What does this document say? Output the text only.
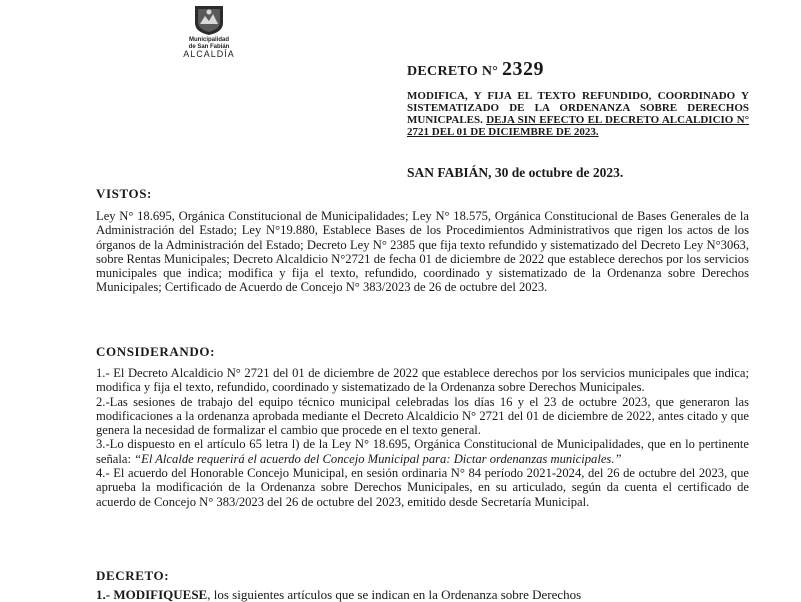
Municipalidad
de San Fabián
ALCALDÍA
DECRETO N° 2329
MODIFICA, Y FIJA EL TEXTO REFUNDIDO, COORDINADO Y SISTEMATIZADO DE LA ORDENANZA SOBRE DERECHOS MUNICPALES. DEJA SIN EFECTO EL DECRETO ALCALDICIO N° 2721 DEL 01 DE DICIEMBRE DE 2023.
SAN FABIÁN, 30 de octubre de 2023.
VISTOS:

Ley N° 18.695, Orgánica Constitucional de Municipalidades; Ley N° 18.575, Orgánica Constitucional de Bases Generales de la Administración del Estado; Ley N°19.880, Establece Bases de los Procedimientos Administrativos que rigen los actos de los órganos de la Administración del Estado; Decreto Ley N° 2385 que fija texto refundido y sistematizado del Decreto Ley N°3063, sobre Rentas Municipales; Decreto Alcaldicio N°2721 de fecha 01 de diciembre de 2022 que establece derechos por los servicios municipales que indica; modifica y fija el texto, refundido, coordinado y sistematizado de la Ordenanza sobre Derechos Municipales; Certificado de Acuerdo de Concejo N° 383/2023 de 26 de octubre del 2023.

CONSIDERANDO:

1.- El Decreto Alcaldicio N° 2721 del 01 de diciembre de 2022 que establece derechos por los servicios municipales que indica; modifica y fija el texto, refundido, coordinado y sistematizado de la Ordenanza sobre Derechos Municipales.

2.-Las sesiones de trabajo del equipo técnico municipal celebradas los días 16 y el 23 de octubre 2023, que generaron las modificaciones a la ordenanza aprobada mediante el Decreto Alcaldicio N° 2721 del 01 de diciembre de 2022, antes citado y que genera la necesidad de formalizar el cambio que procede en el texto general.

3.-Lo dispuesto en el artículo 65 letra l) de la Ley N° 18.695, Orgánica Constitucional de Municipalidades, que en lo pertinente señala: “El Alcalde requerirá el acuerdo del Concejo Municipal para: Dictar ordenanzas municipales.”

4.- El acuerdo del Honorable Concejo Municipal, en sesión ordinaria N° 84 período 2021-2024, del 26 de octubre del 2023, que aprueba la modificación de la Ordenanza sobre Derechos Municipales, en su articulado, según da cuenta el certificado de acuerdo de Concejo N° 383/2023 del 26 de octubre del 2023, emitido desde Secretaría Municipal.

DECRETO:

1.- MODIFIQUESE, los siguientes artículos que se indican en la Ordenanza sobre Derechos
